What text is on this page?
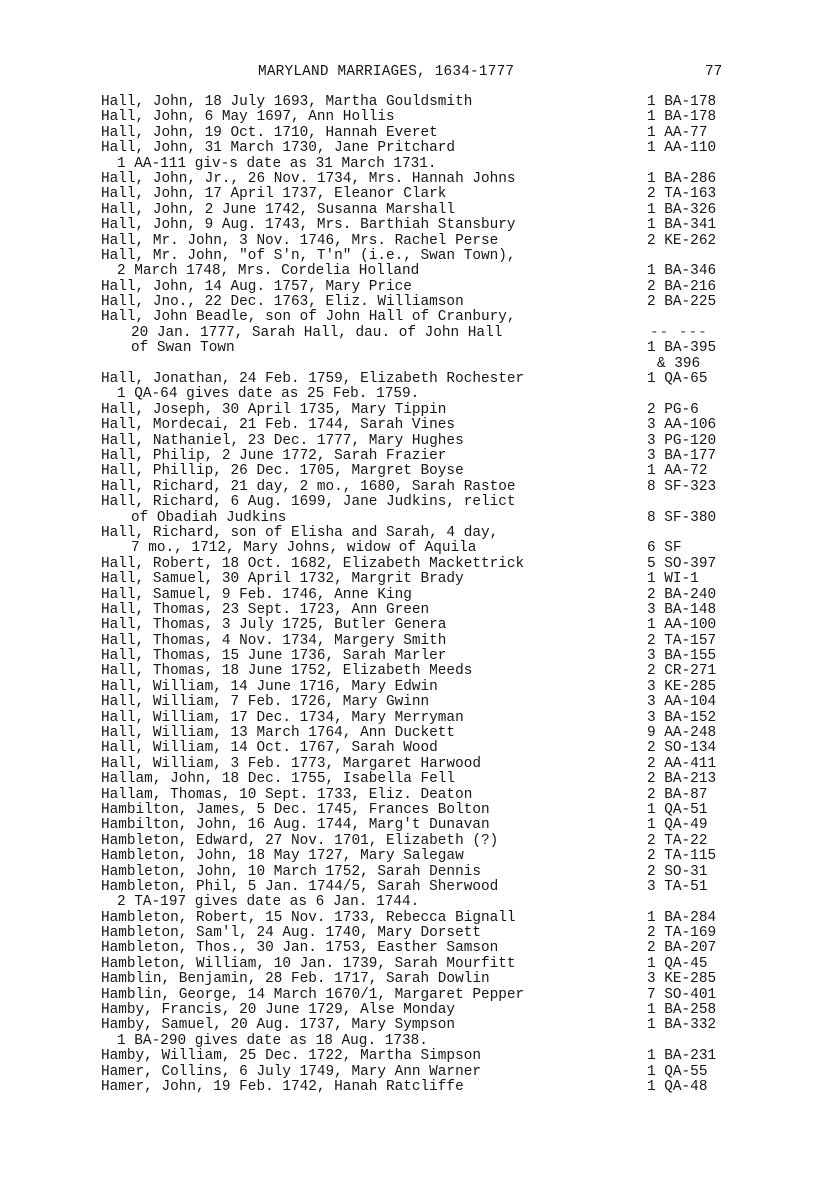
MARYLAND MARRIAGES, 1634-1777	77
Hall, John, 18 July 1693, Martha Gouldsmith	1 BA-178
Hall, John, 6 May 1697, Ann Hollis	1 BA-178
Hall, John, 19 Oct. 1710, Hannah Everet	1 AA-77
Hall, John, 31 March 1730, Jane Pritchard	1 AA-110
1 AA-111 giv-s date as 31 March 1731.
Hall, John, Jr., 26 Nov. 1734, Mrs. Hannah Johns	1 BA-286
Hall, John, 17 April 1737, Eleanor Clark	2 TA-163
Hall, John, 2 June 1742, Susanna Marshall	1 BA-326
Hall, John, 9 Aug. 1743, Mrs. Barthiah Stansbury	1 BA-341
Hall, Mr. John, 3 Nov. 1746, Mrs. Rachel Perse	2 KE-262
Hall, Mr. John, "of S'n, T'n" (i.e., Swan Town),
2 March 1748, Mrs. Cordelia Holland	1 BA-346
Hall, John, 14 Aug. 1757, Mary Price	2 BA-216
Hall, Jno., 22 Dec. 1763, Eliz. Williamson	2 BA-225
Hall, John Beadle, son of John Hall of Cranbury,
20 Jan. 1777, Sarah Hall, dau. of John Hall	-- ---
of Swan Town	1 BA-395
& 396
Hall, Jonathan, 24 Feb. 1759, Elizabeth Rochester	1 QA-65
1 QA-64 gives date as 25 Feb. 1759.
Hall, Joseph, 30 April 1735, Mary Tippin	2 PG-6
Hall, Mordecai, 21 Feb. 1744, Sarah Vines	3 AA-106
Hall, Nathaniel, 23 Dec. 1777, Mary Hughes	3 PG-120
Hall, Philip, 2 June 1772, Sarah Frazier	3 BA-177
Hall, Phillip, 26 Dec. 1705, Margret Boyse	1 AA-72
Hall, Richard, 21 day, 2 mo., 1680, Sarah Rastoe	8 SF-323
Hall, Richard, 6 Aug. 1699, Jane Judkins, relict
of Obadiah Judkins	8 SF-380
Hall, Richard, son of Elisha and Sarah, 4 day,
7 mo., 1712, Mary Johns, widow of Aquila	6 SF
Hall, Robert, 18 Oct. 1682, Elizabeth Mackettrick	5 SO-397
Hall, Samuel, 30 April 1732, Margrit Brady	1 WI-1
Hall, Samuel, 9 Feb. 1746, Anne King	2 BA-240
Hall, Thomas, 23 Sept. 1723, Ann Green	3 BA-148
Hall, Thomas, 3 July 1725, Butler Genera	1 AA-100
Hall, Thomas, 4 Nov. 1734, Margery Smith	2 TA-157
Hall, Thomas, 15 June 1736, Sarah Marler	3 BA-155
Hall, Thomas, 18 June 1752, Elizabeth Meeds	2 CR-271
Hall, William, 14 June 1716, Mary Edwin	3 KE-285
Hall, William, 7 Feb. 1726, Mary Gwinn	3 AA-104
Hall, William, 17 Dec. 1734, Mary Merryman	3 BA-152
Hall, William, 13 March 1764, Ann Duckett	9 AA-248
Hall, William, 14 Oct. 1767, Sarah Wood	2 SO-134
Hall, William, 3 Feb. 1773, Margaret Harwood	2 AA-411
Hallam, John, 18 Dec. 1755, Isabella Fell	2 BA-213
Hallam, Thomas, 10 Sept. 1733, Eliz. Deaton	2 BA-87
Hambilton, James, 5 Dec. 1745, Frances Bolton	1 QA-51
Hambilton, John, 16 Aug. 1744, Marg't Dunavan	1 QA-49
Hambleton, Edward, 27 Nov. 1701, Elizabeth (?)	2 TA-22
Hambleton, John, 18 May 1727, Mary Salegaw	2 TA-115
Hambleton, John, 10 March 1752, Sarah Dennis	2 SO-31
Hambleton, Phil, 5 Jan. 1744/5, Sarah Sherwood	3 TA-51
2 TA-197 gives date as 6 Jan. 1744.
Hambleton, Robert, 15 Nov. 1733, Rebecca Bignall	1 BA-284
Hambleton, Sam'l, 24 Aug. 1740, Mary Dorsett	2 TA-169
Hambleton, Thos., 30 Jan. 1753, Easther Samson	2 BA-207
Hambleton, William, 10 Jan. 1739, Sarah Mourfitt	1 QA-45
Hamblin, Benjamin, 28 Feb. 1717, Sarah Dowlin	3 KE-285
Hamblin, George, 14 March 1670/1, Margaret Pepper	7 SO-401
Hamby, Francis, 20 June 1729, Alse Monday	1 BA-258
Hamby, Samuel, 20 Aug. 1737, Mary Sympson	1 BA-332
1 BA-290 gives date as 18 Aug. 1738.
Hamby, William, 25 Dec. 1722, Martha Simpson	1 BA-231
Hamer, Collins, 6 July 1749, Mary Ann Warner	1 QA-55
Hamer, John, 19 Feb. 1742, Hanah Ratcliffe	1 QA-48
